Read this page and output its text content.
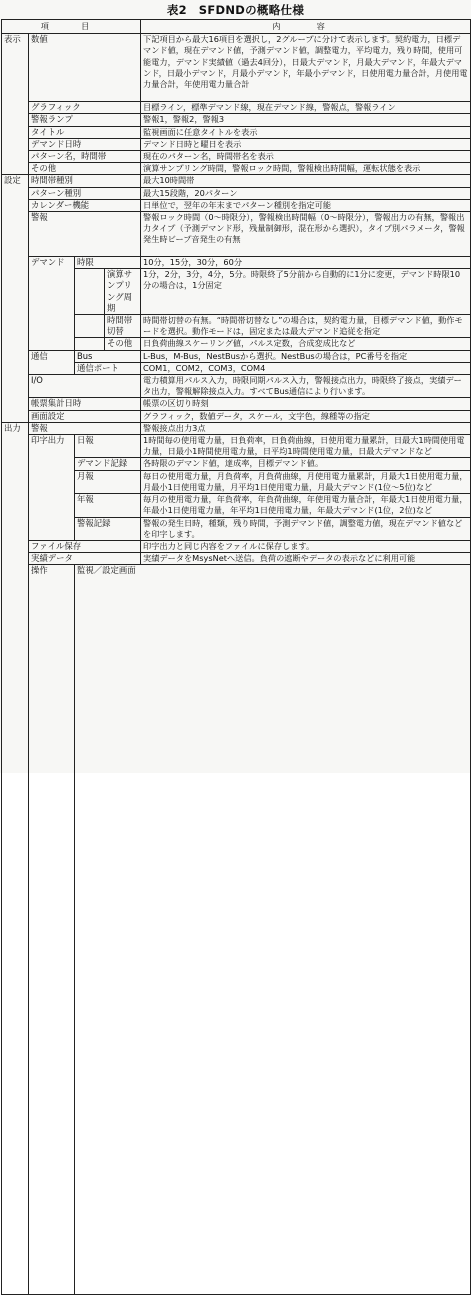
表2　SFDNDの概略仕様
項　目				内　容	
表示	数値			下記項目から最大16項目を選択し，2グループに分けて表示します。契約電力，日標デマンド値，現在デマンド値，予測デマンド値，調整電力，平均電力，残り時間，使用可能電力，デマンド実績値（過去4回分），日最大デマンド，月最大デマンド，年最大デマンド，日最小デマンド，月最小デマンド，年最小デマンド，日使用電力量合計，月使用電力量合計，年使用電力量合計	
	グラフィック			目標ライン，標準デマンド線，現在デマンド線，警報点，警報ライン	
	警報ランプ			警報1，警報2，警報3	
	タイトル			監視画面に任意タイトルを表示	
	デマンド日時			デマンド日時と曜日を表示	
	パターン名，時間帯			現在のパターン名，時間帯名を表示	
	その他			演算サンプリング時間，警報ロック時間，警報検出時間幅，運転状態を表示	
設定	時間帯種別			最大10時間帯	
	パターン種別			最大15段階，20パターン	
	カレンダー機能			日単位で，翌年の年末までパターン種別を指定可能	
	警報			警報ロック時間（0～時限分），警報検出時間幅（0～時限分），警報出力の有無，警報出力タイプ（予測デマンド形，残量制御形，混在形から選択），タイプ別パラメータ，警報発生時ビープ音発生の有無	
	デマンド	時限		10分，15分，30分，60分	
			演算サンプリング周期	1分，2分，3分，4分，5分。時限終了5分前から自動的に1分に変更，デマンド時限10分の場合は，1分固定	
			時間帯切替	時間帯切替の有無。“時間帯切替なし”の場合は，契約電力量，目標デマンド値，動作モードを選択。動作モードは，固定または最大デマンド追従を指定	
			その他	日負荷曲線スケーリング値，パルス定数，合成変成比など	
	通信	Bus		L-Bus，M-Bus，NestBusから選択。NestBusの場合は，PC番号を指定	
		通信ポート		COM1，COM2，COM3，COM4	
	I/O			電力積算用パルス入力，時限同期パルス入力，警報接点出力，時限終了接点，実績データ出力，警報解除接点入力。すべてBus通信により行います。	
	帳票集計日時			帳票の区切り時刻	
	画面設定			グラフィック，数値データ，スケール，文字色，線種等の指定	
出力	警報			警報接点出力3点	
	印字出力	日報		1時間毎の使用電力量，日負荷率，日負荷曲線，日使用電力量累計，日最大1時間使用電力量，日最小1時間使用電力量，日平均1時間使用電力量，日最大デマンドなど	
		デマンド記録		各時限のデマンド値，達成率，目標デマンド値。	
		月報		毎日の使用電力量，月負荷率，月負荷曲線，月使用電力量累計，月最大1日使用電力量，月最小1日使用電力量，月平均1日使用電力量，月最大デマンド(1位～5位)など	
		年報		毎月の使用電力量，年負荷率，年負荷曲線，年使用電力量合計，年最大1日使用電力量，年最小1日使用電力量，年平均1日使用電力量，年最大デマンド(1位，2位)など	
		警報記録		警報の発生日時，種類，残り時間，予測デマンド値，調整電力値，現在デマンド値などを印字します。	
	ファイル保存			印字出力と同じ内容をファイルに保存します。	
	実績データ			実績データをMsysNetへ送信。負荷の遮断やデータの表示などに利用可能	
	操作	監視／設定画面	
